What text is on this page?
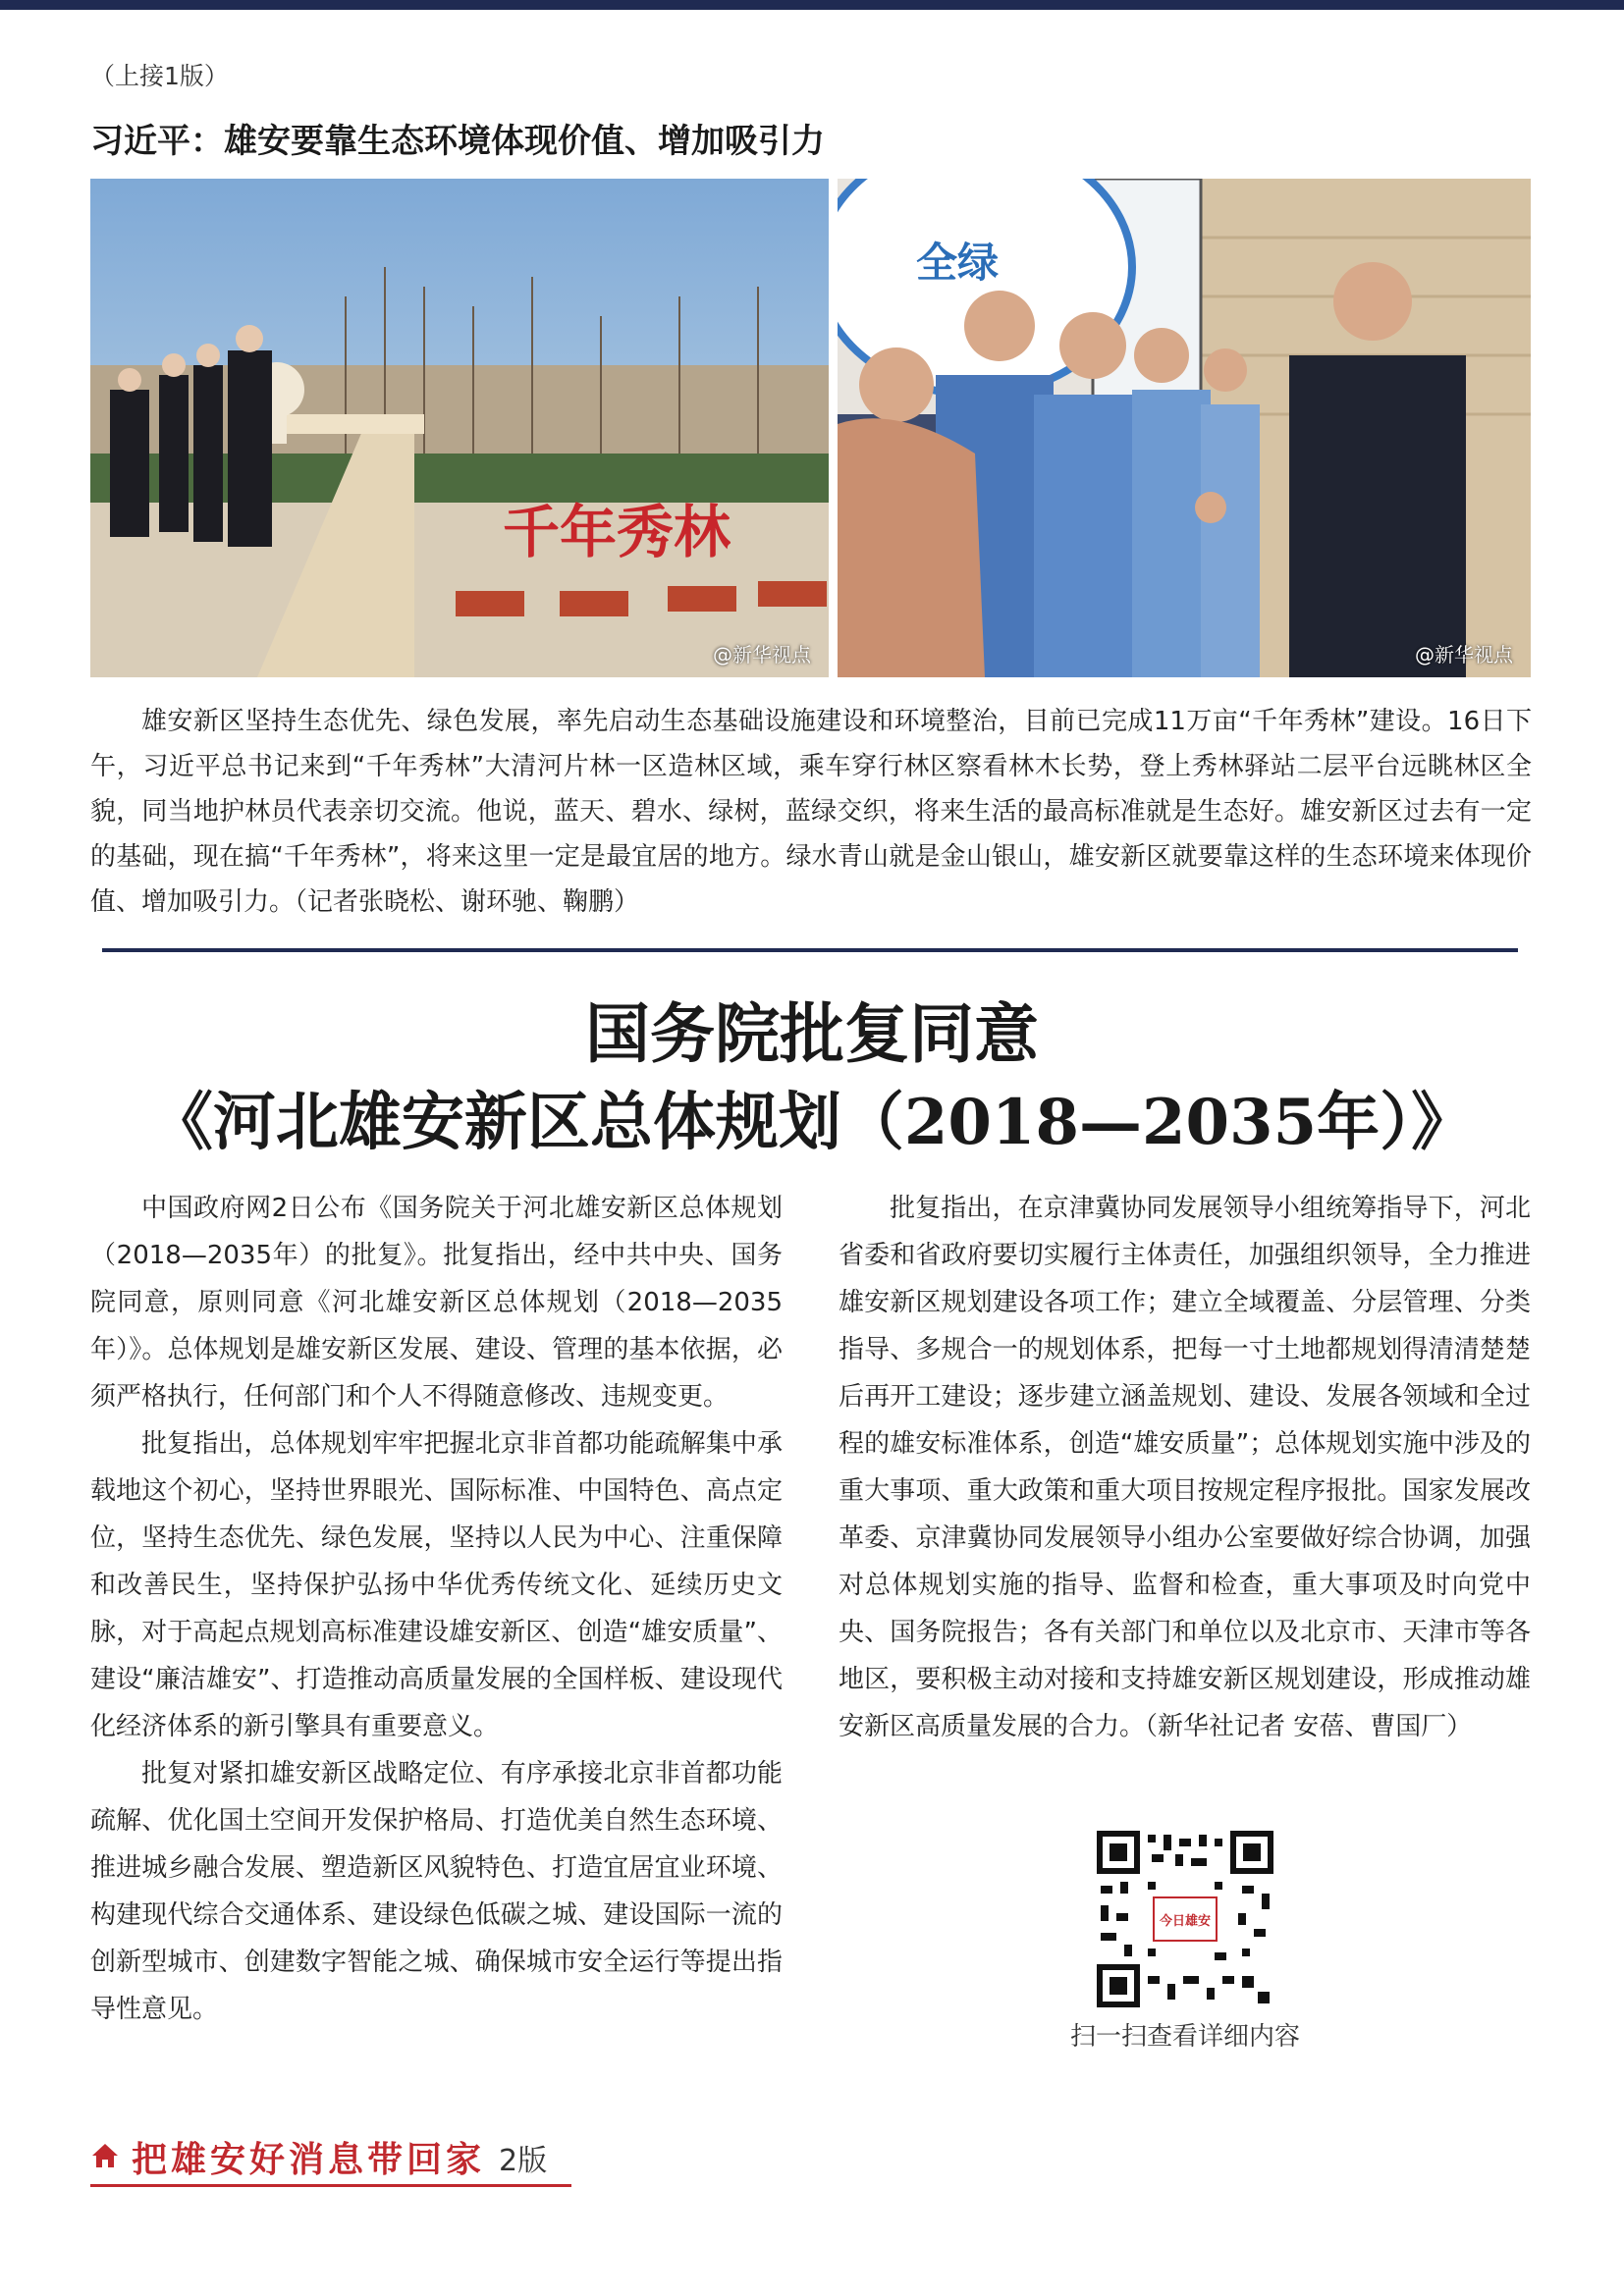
（上接1版）
习近平：雄安要靠生态环境体现价值、增加吸引力
千年秀林
@新华视点
全绿
@新华视点

雄安新区坚持生态优先、绿色发展，率先启动生态基础设施建设和环境整治，目前已完成11万亩“千年秀林”建设。16日下午，习近平总书记来到“千年秀林”大清河片林一区造林区域，乘车穿行林区察看林木长势，登上秀林驿站二层平台远眺林区全貌，同当地护林员代表亲切交流。他说，蓝天、碧水、绿树，蓝绿交织，将来生活的最高标准就是生态好。雄安新区过去有一定的基础，现在搞“千年秀林”，将来这里一定是最宜居的地方。绿水青山就是金山银山，雄安新区就要靠这样的生态环境来体现价值、增加吸引力。（记者张晓松、谢环驰、鞠鹏）

国务院批复同意
《河北雄安新区总体规划（2018—2035年）》

中国政府网2日公布《国务院关于河北雄安新区总体规划（2018—2035年）的批复》。批复指出，经中共中央、国务院同意，原则同意《河北雄安新区总体规划（2018—2035年）》。总体规划是雄安新区发展、建设、管理的基本依据，必须严格执行，任何部门和个人不得随意修改、违规变更。

批复指出，总体规划牢牢把握北京非首都功能疏解集中承载地这个初心，坚持世界眼光、国际标准、中国特色、高点定位，坚持生态优先、绿色发展，坚持以人民为中心、注重保障和改善民生，坚持保护弘扬中华优秀传统文化、延续历史文脉，对于高起点规划高标准建设雄安新区、创造“雄安质量”、建设“廉洁雄安”、打造推动高质量发展的全国样板、建设现代化经济体系的新引擎具有重要意义。

批复对紧扣雄安新区战略定位、有序承接北京非首都功能疏解、优化国土空间开发保护格局、打造优美自然生态环境、推进城乡融合发展、塑造新区风貌特色、打造宜居宜业环境、构建现代综合交通体系、建设绿色低碳之城、建设国际一流的创新型城市、创建数字智能之城、确保城市安全运行等提出指导性意见。

批复指出，在京津冀协同发展领导小组统筹指导下，河北省委和省政府要切实履行主体责任，加强组织领导，全力推进雄安新区规划建设各项工作；建立全域覆盖、分层管理、分类指导、多规合一的规划体系，把每一寸土地都规划得清清楚楚后再开工建设；逐步建立涵盖规划、建设、发展各领域和全过程的雄安标准体系，创造“雄安质量”；总体规划实施中涉及的重大事项、重大政策和重大项目按规定程序报批。国家发展改革委、京津冀协同发展领导小组办公室要做好综合协调，加强对总体规划实施的指导、监督和检查，重大事项及时向党中央、国务院报告；各有关部门和单位以及北京市、天津市等各地区，要积极主动对接和支持雄安新区规划建设，形成推动雄安新区高质量发展的合力。（新华社记者 安蓓、曹国厂）

今日雄安
扫一扫查看详细内容
把雄安好消息带回家 2版
